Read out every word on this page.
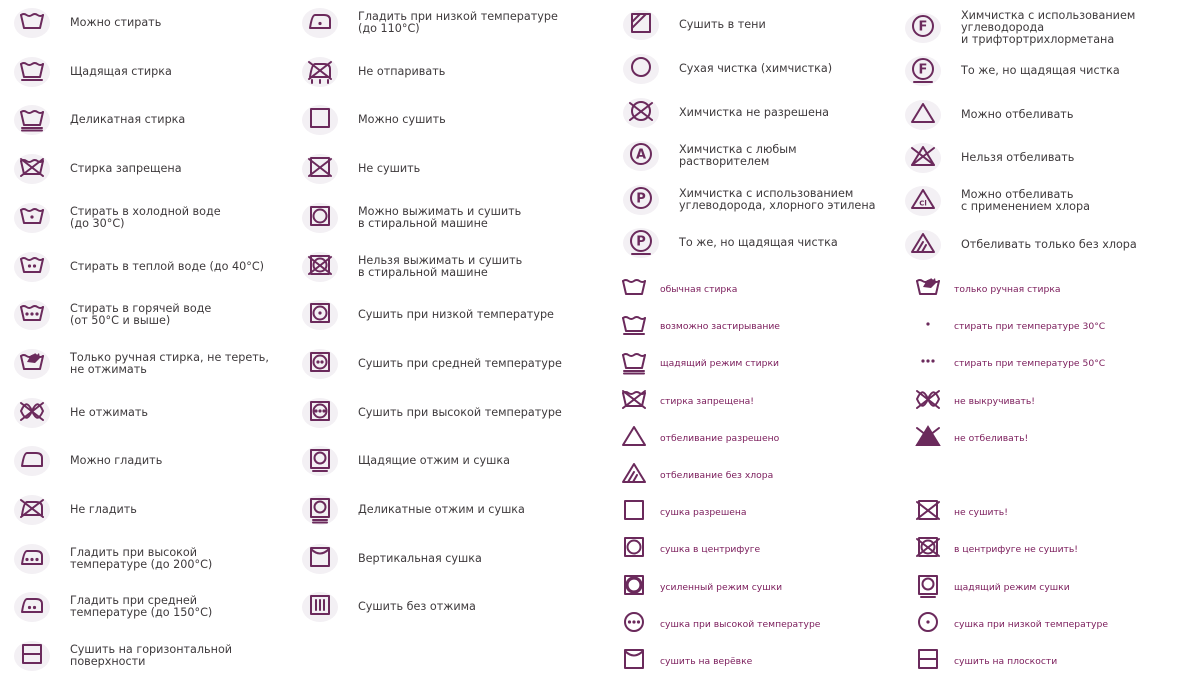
Можно стирать
Щадящая стирка
Деликатная стирка
Стирка запрещена
Стирать в холодной воде
(до 30°C)
Стирать в теплой воде (до 40°C)
Стирать в горячей воде
(от 50°C и выше)
Только ручная стирка, не тереть,
не отжимать
Не отжимать
Можно гладить
Не гладить
Гладить при высокой
температуре (до 200°C)
Гладить при средней
температуре (до 150°C)
Сушить на горизонтальной
поверхности
Гладить при низкой температуре
(до 110°C)
Не отпаривать
Можно сушить
Не сушить
Можно выжимать и сушить
в стиральной машине
Нельзя выжимать и сушить
в стиральной машине
Сушить при низкой температуре
Сушить при средней температуре
Сушить при высокой температуре
Щадящие отжим и сушка
Деликатные отжим и сушка
Вертикальная сушка
Сушить без отжима
Сушить в тени
Сухая чистка (химчистка)
Химчистка не разрешена
A	Химчистка с любым
растворителем
P	Химчистка с использованием
углеводорода, хлорного этилена
P	То же, но щадящая чистка
F
Химчистка с использованием
углеводорода
и трифтортрихлорметана
F	То же, но щадящая чистка
Можно отбеливать
Нельзя отбеливать
Cl
Можно отбеливать
с применением хлора
Отбеливать только без хлора
обычная стирка
возможно застирывание
щадящий режим стирки
стирка запрещена!
отбеливание разрешено
отбеливание без хлора
сушка разрешена
сушка в центрифуге
усиленный режим сушки
сушка при высокой температуре
сушить на верёвке
только ручная стирка
стирать при температуре 30°C
стирать при температуре 50°C
не выкручивать!
не отбеливать!
не сушить!
в центрифуге не сушить!
щадящий режим сушки
сушка при низкой температуре
сушить на плоскости
